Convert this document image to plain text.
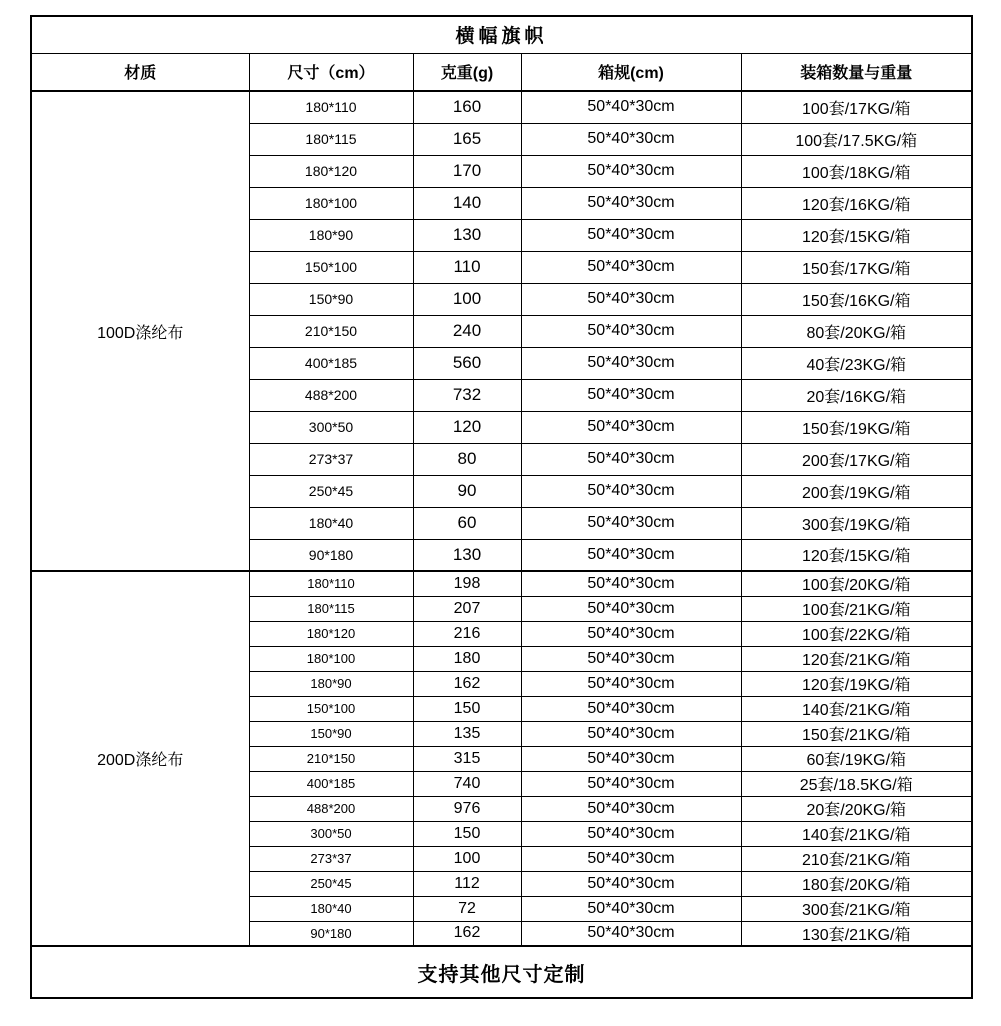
横幅旗帜				
材质	尺寸（cm）	克重(g)	箱规(cm)	装箱数量与重量
100D涤纶布	180*110	160	50*40*30cm	100套/17KG/箱
	180*115	165	50*40*30cm	100套/17.5KG/箱
	180*120	170	50*40*30cm	100套/18KG/箱
	180*100	140	50*40*30cm	120套/16KG/箱
	180*90	130	50*40*30cm	120套/15KG/箱
	150*100	110	50*40*30cm	150套/17KG/箱
	150*90	100	50*40*30cm	150套/16KG/箱
	210*150	240	50*40*30cm	80套/20KG/箱
	400*185	560	50*40*30cm	40套/23KG/箱
	488*200	732	50*40*30cm	20套/16KG/箱
	300*50	120	50*40*30cm	150套/19KG/箱
	273*37	80	50*40*30cm	200套/17KG/箱
	250*45	90	50*40*30cm	200套/19KG/箱
	180*40	60	50*40*30cm	300套/19KG/箱
	90*180	130	50*40*30cm	120套/15KG/箱
200D涤纶布	180*110	198	50*40*30cm	100套/20KG/箱
	180*115	207	50*40*30cm	100套/21KG/箱
	180*120	216	50*40*30cm	100套/22KG/箱
	180*100	180	50*40*30cm	120套/21KG/箱
	180*90	162	50*40*30cm	120套/19KG/箱
	150*100	150	50*40*30cm	140套/21KG/箱
	150*90	135	50*40*30cm	150套/21KG/箱
	210*150	315	50*40*30cm	60套/19KG/箱
	400*185	740	50*40*30cm	25套/18.5KG/箱
	488*200	976	50*40*30cm	20套/20KG/箱
	300*50	150	50*40*30cm	140套/21KG/箱
	273*37	100	50*40*30cm	210套/21KG/箱
	250*45	112	50*40*30cm	180套/20KG/箱
	180*40	72	50*40*30cm	300套/21KG/箱
	90*180	162	50*40*30cm	130套/21KG/箱
支持其他尺寸定制				
